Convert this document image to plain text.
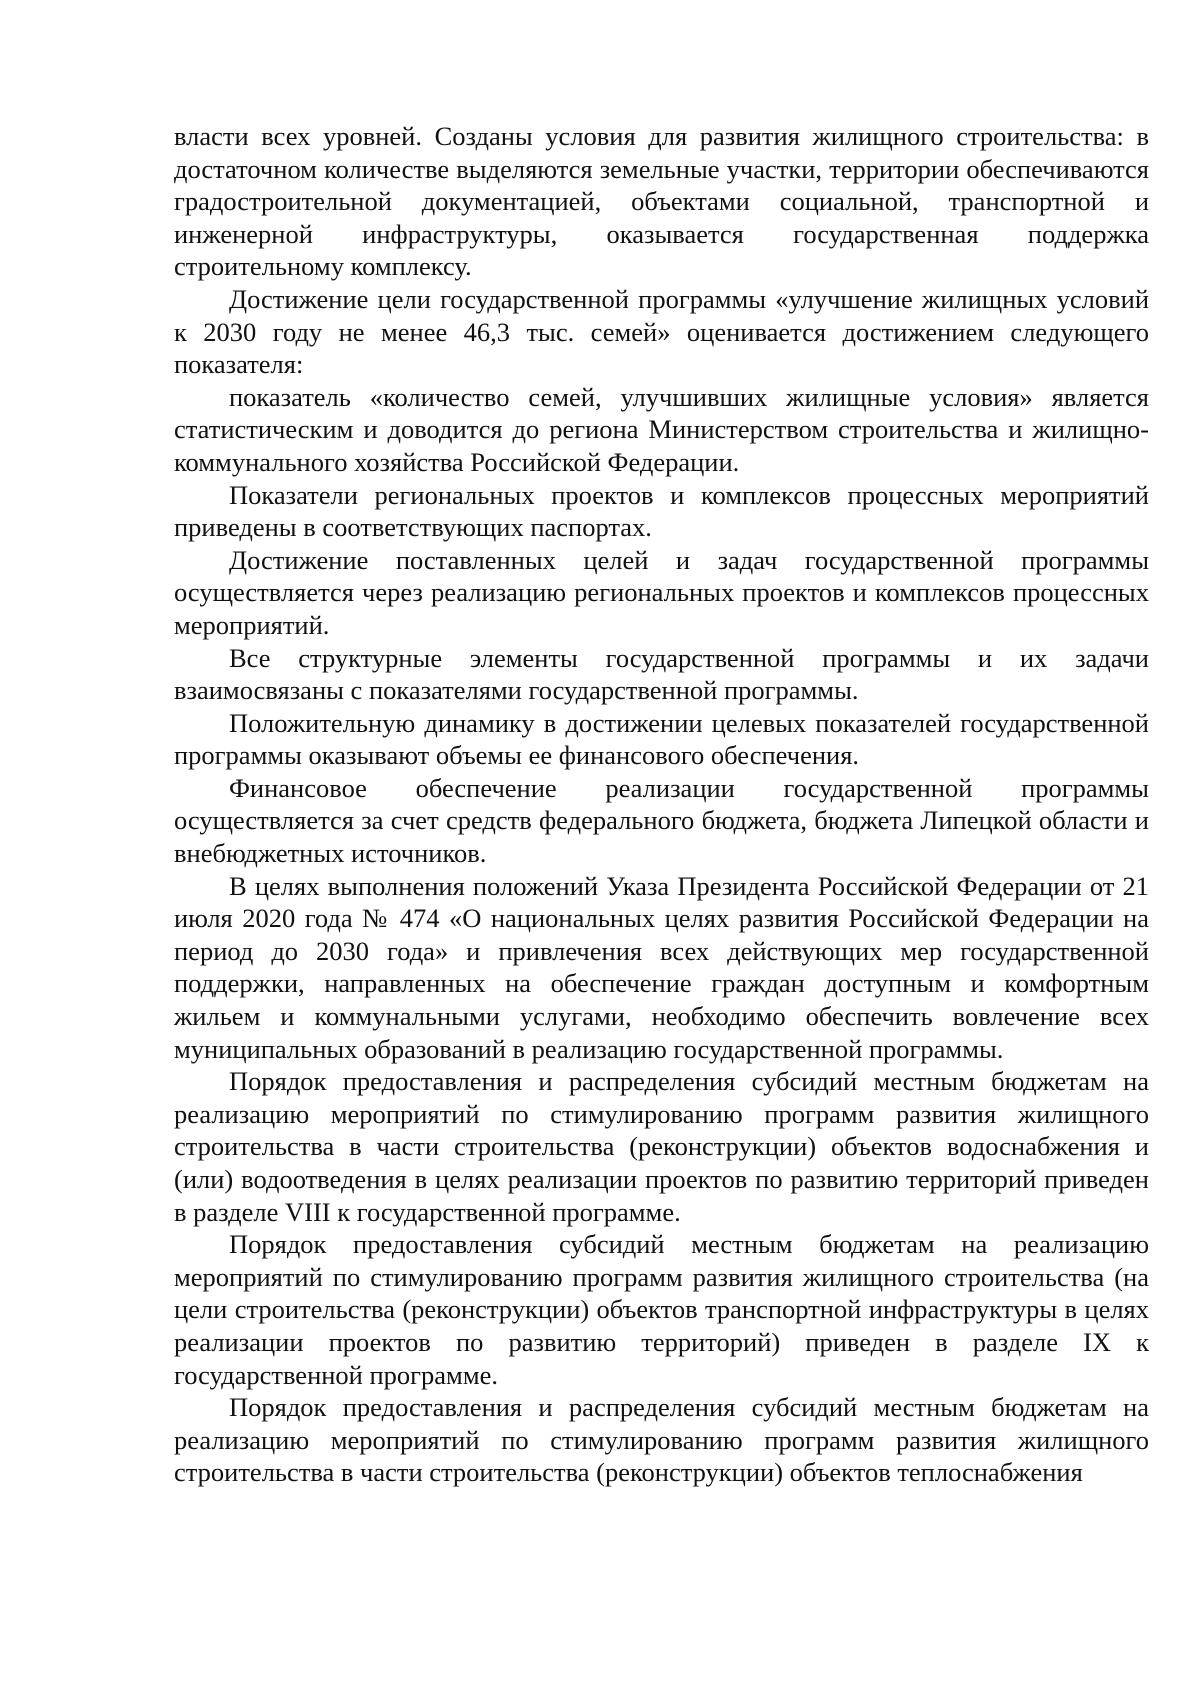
власти всех уровней. Созданы условия для развития жилищного строительства: в достаточном количестве выделяются земельные участки, территории обеспечиваются градостроительной документацией, объектами социальной, транспортной и инженерной инфраструктуры, оказывается государственная поддержка строительному комплексу.

Достижение цели государственной программы «улучшение жилищных условий к 2030 году не менее 46,3 тыс. семей» оценивается достижением следующего показателя:

показатель «количество семей, улучшивших жилищные условия» является статистическим и доводится до региона Министерством строительства и жилищно-коммунального хозяйства Российской Федерации.

Показатели региональных проектов и комплексов процессных мероприятий приведены в соответствующих паспортах.

Достижение поставленных целей и задач государственной программы осуществляется через реализацию региональных проектов и комплексов процессных мероприятий.

Все структурные элементы государственной программы и их задачи взаимосвязаны с показателями государственной программы.

Положительную динамику в достижении целевых показателей государственной программы оказывают объемы ее финансового обеспечения.

Финансовое обеспечение реализации государственной программы осуществляется за счет средств федерального бюджета, бюджета Липецкой области и внебюджетных источников.

В целях выполнения положений Указа Президента Российской Федерации от 21 июля 2020 года № 474 «О национальных целях развития Российской Федерации на период до 2030 года» и привлечения всех действующих мер государственной поддержки, направленных на обеспечение граждан доступным и комфортным жильем и коммунальными услугами, необходимо обеспечить вовлечение всех муниципальных образований в реализацию государственной программы.

Порядок предоставления и распределения субсидий местным бюджетам на реализацию мероприятий по стимулированию программ развития жилищного строительства в части строительства (реконструкции) объектов водоснабжения и (или) водоотведения в целях реализации проектов по развитию территорий приведен в разделе VIII к государственной программе.

Порядок предоставления субсидий местным бюджетам на реализацию мероприятий по стимулированию программ развития жилищного строительства (на цели строительства (реконструкции) объектов транспортной инфраструктуры в целях реализации проектов по развитию территорий) приведен в разделе IX к государственной программе.

Порядок предоставления и распределения субсидий местным бюджетам на реализацию мероприятий по стимулированию программ развития жилищного строительства в части строительства (реконструкции) объектов теплоснабжения
